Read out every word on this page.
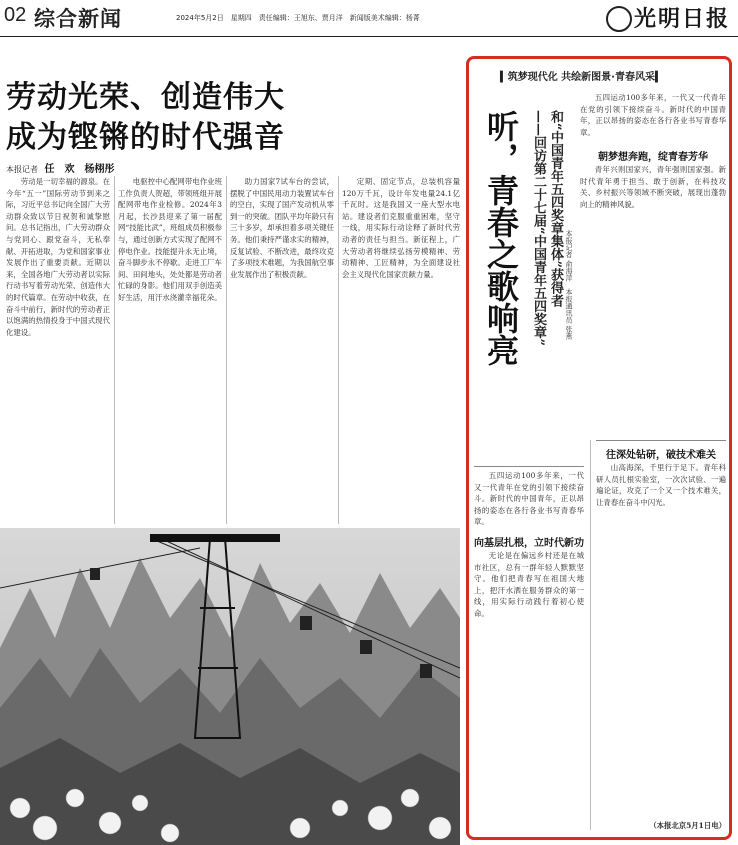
02 综合新闻	2024年5月2日　星期四　责任编辑：王旭东、贾月洋　新闻版美术编辑：杨菁	光明日报
劳动光荣、创造伟大
成为铿锵的时代强音
本报记者 任　欢　杨栩彤

劳动是一切幸福的源泉。在今年“五一”国际劳动节到来之际，习近平总书记向全国广大劳动群众致以节日祝贺和诚挚慰问。总书记指出，广大劳动群众与党同心、跟党奋斗，无私奉献、开拓进取，为党和国家事业发展作出了重要贡献。近期以来，全国各地广大劳动者以实际行动书写着劳动光荣、创造伟大的时代篇章。在劳动中收获，在奋斗中前行，新时代的劳动者正以饱满的热情投身于中国式现代化建设。

电驱控中心配网带电作业班工作负责人贺超，带领班组开展配网带电作业检修。2024年3月起，长沙县迎来了第一届配网“技能比武”，班组成员积极参与，通过创新方式实现了配网不停电作业。技能提升永无止境，奋斗脚步永不停歇。走进工厂车间、田间地头，处处都是劳动者忙碌的身影。他们用双手创造美好生活，用汗水浇灌幸福花朵。

助力国家7试车台的尝试，摆脱了中国民用动力装置试车台的空白，实现了国产发动机从零到一的突破。团队平均年龄只有三十多岁，却承担着多项关键任务。他们秉持严谨求实的精神，反复试验、不断改进，最终攻克了多项技术难题，为我国航空事业发展作出了积极贡献。

定期、固定节点，总装机容量120万千瓦，设计年发电量24.1亿千瓦时。这是我国又一座大型水电站。建设者们克服重重困难，坚守一线，用实际行动诠释了新时代劳动者的责任与担当。新征程上，广大劳动者将继续弘扬劳模精神、劳动精神、工匠精神，为全面建设社会主义现代化国家贡献力量。

▍筑梦现代化 共绘新图景·青春风采▍
听，青春之歌响亮 和“中国青年五四奖章集体”获得者
——回访第二十七届“中国青年五四奖章”	本报记者 俞海萍　本报通讯员 张燕

五四运动100多年来，一代又一代青年在党的引领下接续奋斗。新时代的中国青年，正以昂扬的姿态在各行各业书写青春华章。

朝梦想奔跑，绽青春芳华

青年兴则国家兴，青年强则国家强。新时代青年勇于担当、敢于创新，在科技攻关、乡村振兴等领域不断突破，展现出蓬勃向上的精神风貌。

五四运动100多年来，一代又一代青年在党的引领下接续奋斗。新时代的中国青年，正以昂扬的姿态在各行各业书写青春华章。

向基层扎根，立时代新功

无论是在偏远乡村还是在城市社区，总有一群年轻人默默坚守。他们把青春写在祖国大地上，把汗水洒在服务群众的第一线，用实际行动践行着初心使命。

往深处钻研，破技术难关

山高海深，千里行于足下。青年科研人员扎根实验室，一次次试验、一遍遍论证，攻克了一个又一个技术难关，让青春在奋斗中闪光。

（本报北京5月1日电）
